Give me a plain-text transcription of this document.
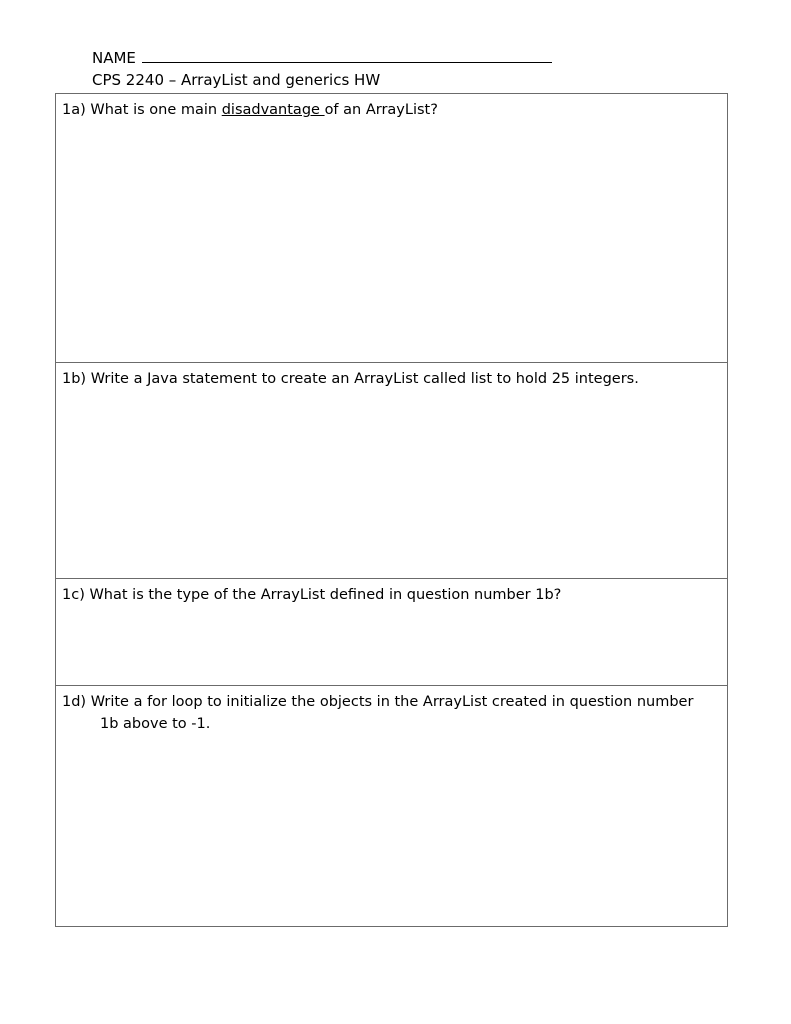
NAME
CPS 2240 – ArrayList and generics HW
1a) What is one main disadvantage of an ArrayList?
1b) Write a Java statement to create an ArrayList called list to hold 25 integers.
1c) What is the type of the ArrayList defined in question number 1b?
1d) Write a for loop to initialize the objects in the ArrayList created in question number
1b above to -1.
